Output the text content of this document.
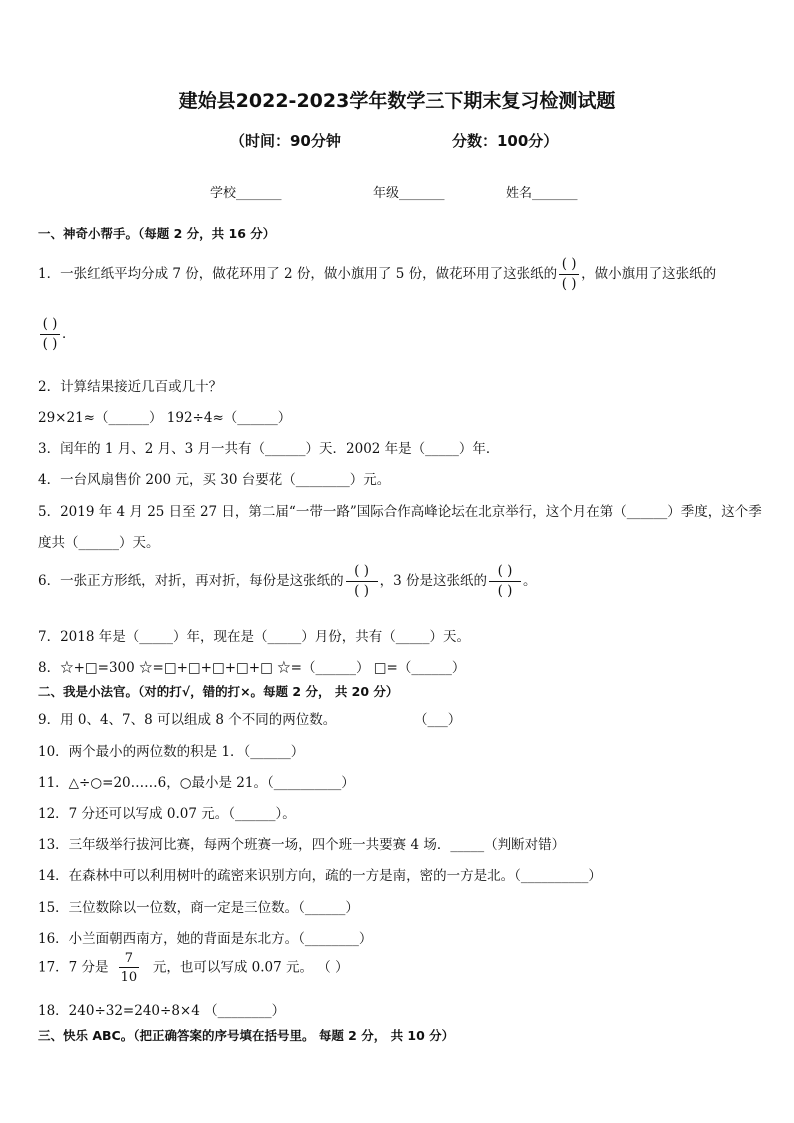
建始县2022-2023学年数学三下期末复习检测试题
（时间：90分钟	分数：100分）
学校_______	年级_______	姓名_______
一、神奇小帮手。（每题 2 分，共 16 分）
1．一张红纸平均分成 7 份，做花环用了 2 份，做小旗用了 5 份，做花环用了这张纸的 $\frac{( )}{( )}$ ，做小旗用了这张纸的
$\frac{( )}{( )}$ ．
2．计算结果接近几百或几十？
29×21≈（______） 192÷4≈（______）
3．闰年的 1 月、2 月、3 月一共有（______）天．2002 年是（_____）年．
4．一台风扇售价 200 元，买 30 台要花（________）元。
5．2019 年 4 月 25 日至 27 日，第二届“一带一路”国际合作高峰论坛在北京举行，这个月在第（______）季度，这个季
度共（______）天。
6．一张正方形纸，对折，再对折，每份是这张纸的 $\frac{( )}{( )}$ ，3 份是这张纸的 $\frac{( )}{( )}$ 。
7．2018 年是（_____）年，现在是（_____）月份，共有（_____）天。
8．☆+□=300 ☆=□+□+□+□+□ ☆=（______） □=（______）
二、我是小法官。（对的打√，错的打×。每题 2 分， 共 20 分）
9．用 0、4、7、8 可以组成 8 个不同的两位数。	（___）
10．两个最小的两位数的积是 1．（______）
11．△÷○=20……6，○最小是 21。（__________）
12．7 分还可以写成 0.07 元。（______）。
13．三年级举行拔河比赛，每两个班赛一场，四个班一共要赛 4 场．_____（判断对错）
14．在森林中可以利用树叶的疏密来识别方向，疏的一方是南，密的一方是北。（__________）
15．三位数除以一位数，商一定是三位数。（______）
16．小兰面朝西南方，她的背面是东北方。（________）
17．7 分是 $\frac{7}{10}$ 元，也可以写成 0.07 元。 （ ）
18．240÷32=240÷8×4 （________）
三、快乐 ABC。（把正确答案的序号填在括号里。 每题 2 分， 共 10 分）
